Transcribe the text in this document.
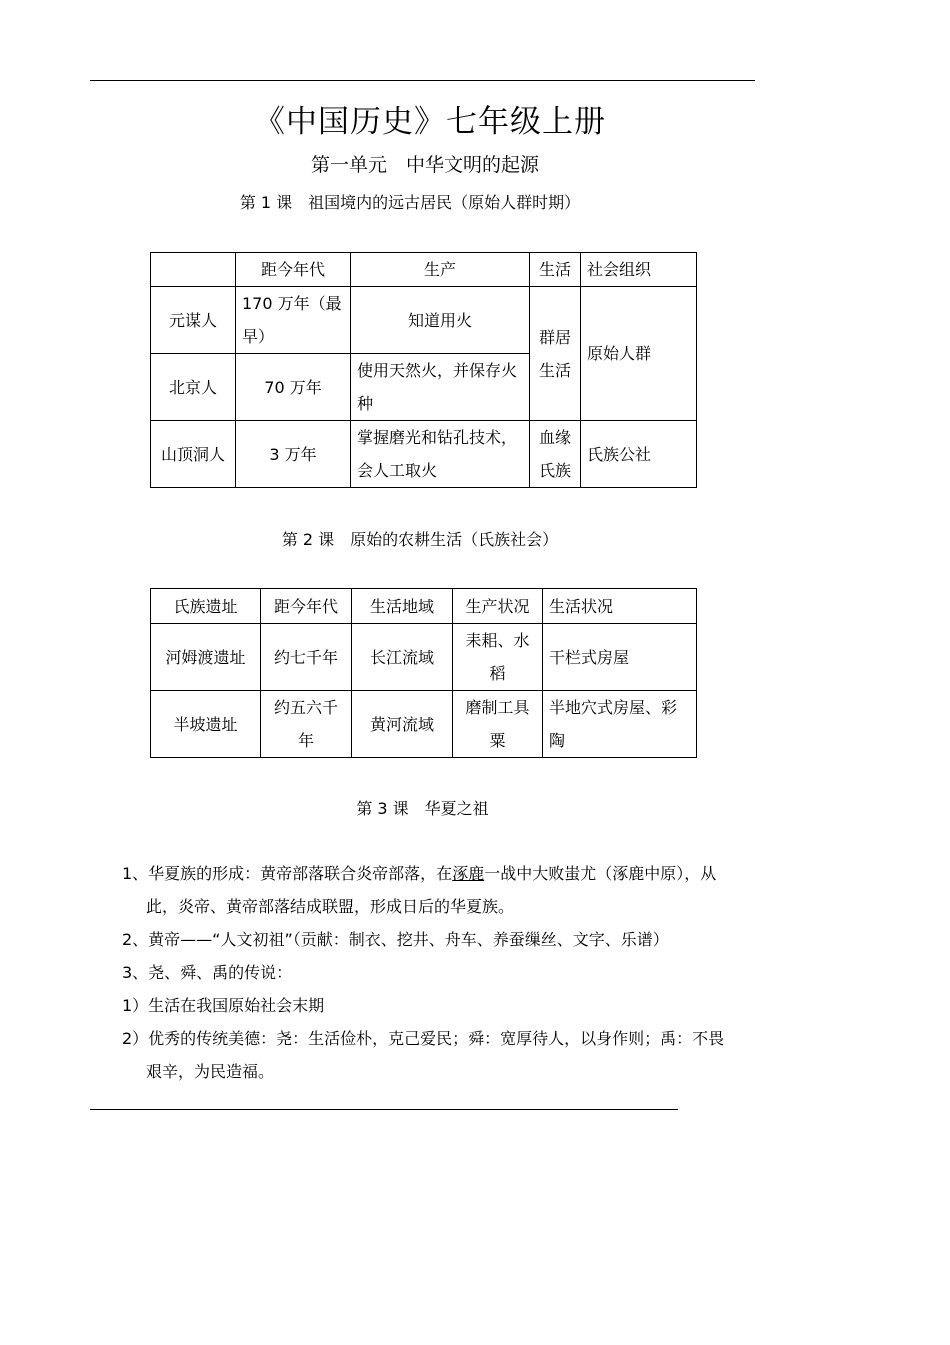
《中国历史》七年级上册
第一单元　中华文明的起源
第 1 课 祖国境内的远古居民（原始人群时期）
	距今年代	生产	生活	社会组织
元谋人	170 万年（最早）	知道用火	群居生活	原始人群
北京人	70 万年	使用天然火，并保存火种		
山顶洞人	3 万年	掌握磨光和钻孔技术，会人工取火	血缘氏族	氏族公社
第 2 课 原始的农耕生活（氏族社会）
氏族遗址	距今年代	生活地域	生产状况	生活状况
河姆渡遗址	约七千年	长江流域	耒耜、水稻	干栏式房屋
半坡遗址	约五六千年	黄河流域	磨制工具粟	半地穴式房屋、彩陶
第 3 课 华夏之祖
1、华夏族的形成：黄帝部落联合炎帝部落，在涿鹿一战中大败蚩尤（涿鹿中原），从
此，炎帝、黄帝部落结成联盟，形成日后的华夏族。
2、黄帝——“人文初祖”（贡献：制衣、挖井、舟车、养蚕缫丝、文字、乐谱）
3、尧、舜、禹的传说：
1）生活在我国原始社会末期
2）优秀的传统美德：尧：生活俭朴，克己爱民；舜：宽厚待人，以身作则；禹：不畏
艰辛，为民造福。
